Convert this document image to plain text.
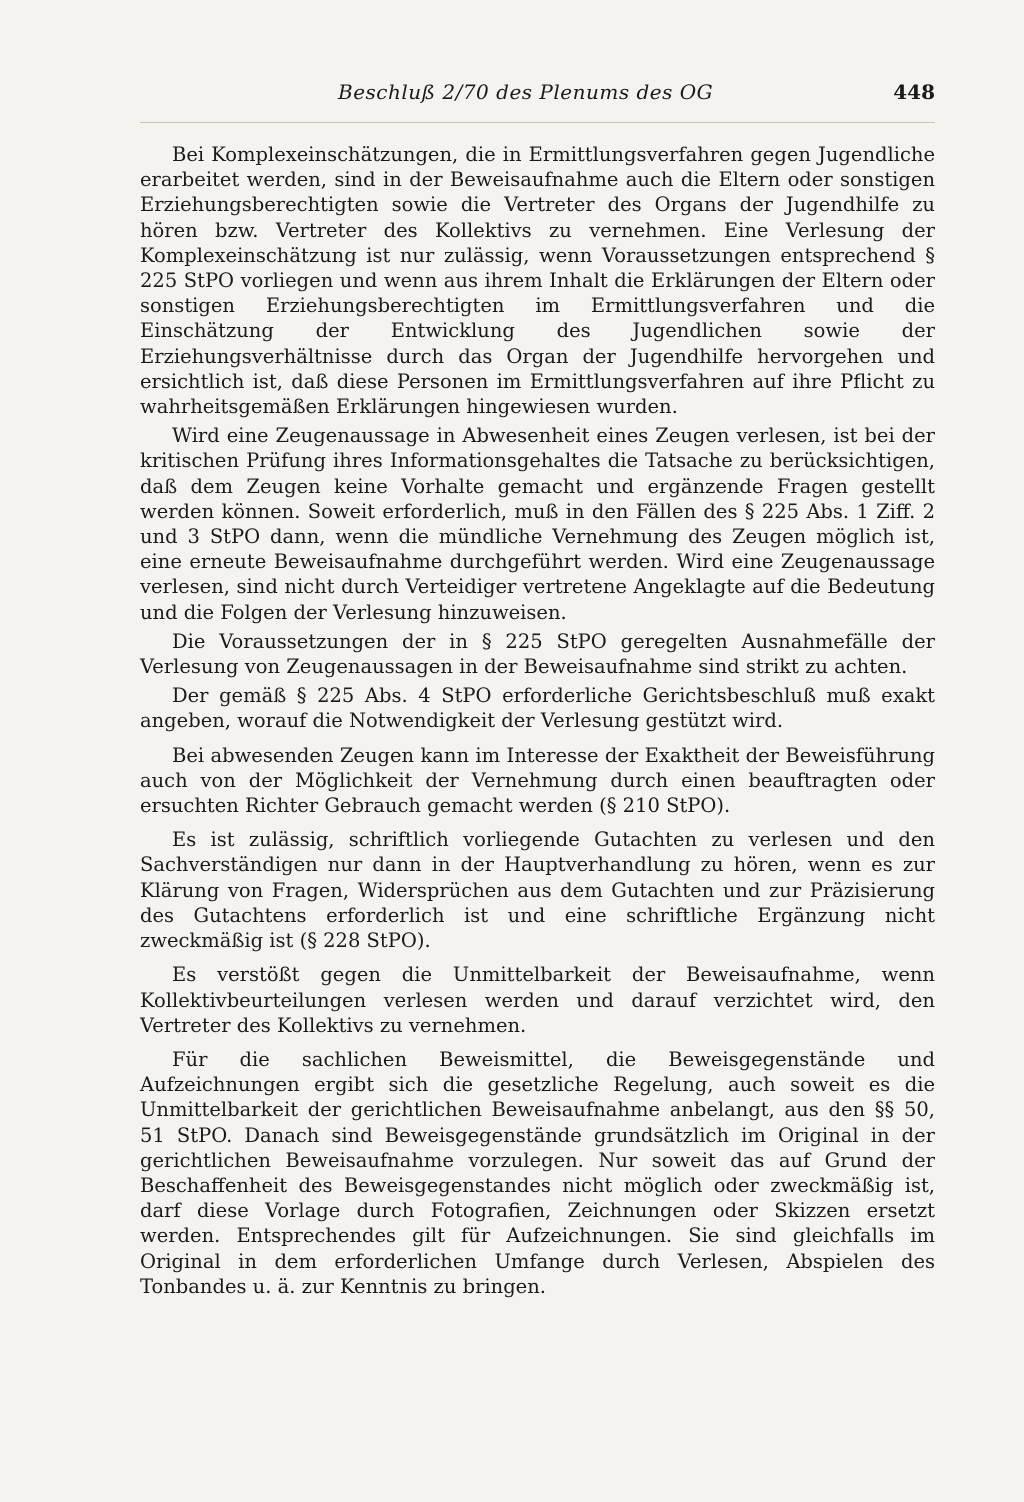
Beschluß 2/70 des Plenums des OG	448

Bei Komplexeinschätzungen, die in Ermittlungsverfahren gegen Jugendliche erarbeitet werden, sind in der Beweisaufnahme auch die Eltern oder sonstigen Erziehungsberechtigten sowie die Vertreter des Organs der Jugendhilfe zu hören bzw. Vertreter des Kollektivs zu vernehmen. Eine Verlesung der Komplexeinschätzung ist nur zulässig, wenn Voraussetzungen entsprechend § 225 StPO vorliegen und wenn aus ihrem Inhalt die Erklärungen der Eltern oder sonstigen Erziehungsberechtigten im Ermittlungsverfahren und die Einschätzung der Entwicklung des Jugendlichen sowie der Erziehungsverhältnisse durch das Organ der Jugendhilfe hervorgehen und ersichtlich ist, daß diese Personen im Ermittlungsverfahren auf ihre Pflicht zu wahrheitsgemäßen Erklärungen hingewiesen wurden.

Wird eine Zeugenaussage in Abwesenheit eines Zeugen verlesen, ist bei der kritischen Prüfung ihres Informationsgehaltes die Tatsache zu berücksichtigen, daß dem Zeugen keine Vorhalte gemacht und ergänzende Fragen gestellt werden können. Soweit erforderlich, muß in den Fällen des § 225 Abs. 1 Ziff. 2 und 3 StPO dann, wenn die mündliche Vernehmung des Zeugen möglich ist, eine erneute Beweisaufnahme durchgeführt werden. Wird eine Zeugenaussage verlesen, sind nicht durch Verteidiger vertretene Angeklagte auf die Bedeutung und die Folgen der Verlesung hinzuweisen.

Die Voraussetzungen der in § 225 StPO geregelten Ausnahmefälle der Verlesung von Zeugenaussagen in der Beweisaufnahme sind strikt zu achten.

Der gemäß § 225 Abs. 4 StPO erforderliche Gerichtsbeschluß muß exakt angeben, worauf die Notwendigkeit der Verlesung gestützt wird.

Bei abwesenden Zeugen kann im Interesse der Exaktheit der Beweisführung auch von der Möglichkeit der Vernehmung durch einen beauftragten oder ersuchten Richter Gebrauch gemacht werden (§ 210 StPO).

Es ist zulässig, schriftlich vorliegende Gutachten zu verlesen und den Sachverständigen nur dann in der Hauptverhandlung zu hören, wenn es zur Klärung von Fragen, Widersprüchen aus dem Gutachten und zur Präzisierung des Gutachtens erforderlich ist und eine schriftliche Ergänzung nicht zweckmäßig ist (§ 228 StPO).

Es verstößt gegen die Unmittelbarkeit der Beweisaufnahme, wenn Kollektivbeurteilungen verlesen werden und darauf verzichtet wird, den Vertreter des Kollektivs zu vernehmen.

Für die sachlichen Beweismittel, die Beweisgegenstände und Aufzeichnungen ergibt sich die gesetzliche Regelung, auch soweit es die Unmittelbarkeit der gerichtlichen Beweisaufnahme anbelangt, aus den §§ 50, 51 StPO. Danach sind Beweisgegenstände grundsätzlich im Original in der gerichtlichen Beweisaufnahme vorzulegen. Nur soweit das auf Grund der Beschaffenheit des Beweisgegenstandes nicht möglich oder zweckmäßig ist, darf diese Vorlage durch Fotografien, Zeichnungen oder Skizzen ersetzt werden. Entsprechendes gilt für Aufzeichnungen. Sie sind gleichfalls im Original in dem erforderlichen Umfange durch Verlesen, Abspielen des Tonbandes u. ä. zur Kenntnis zu bringen.
